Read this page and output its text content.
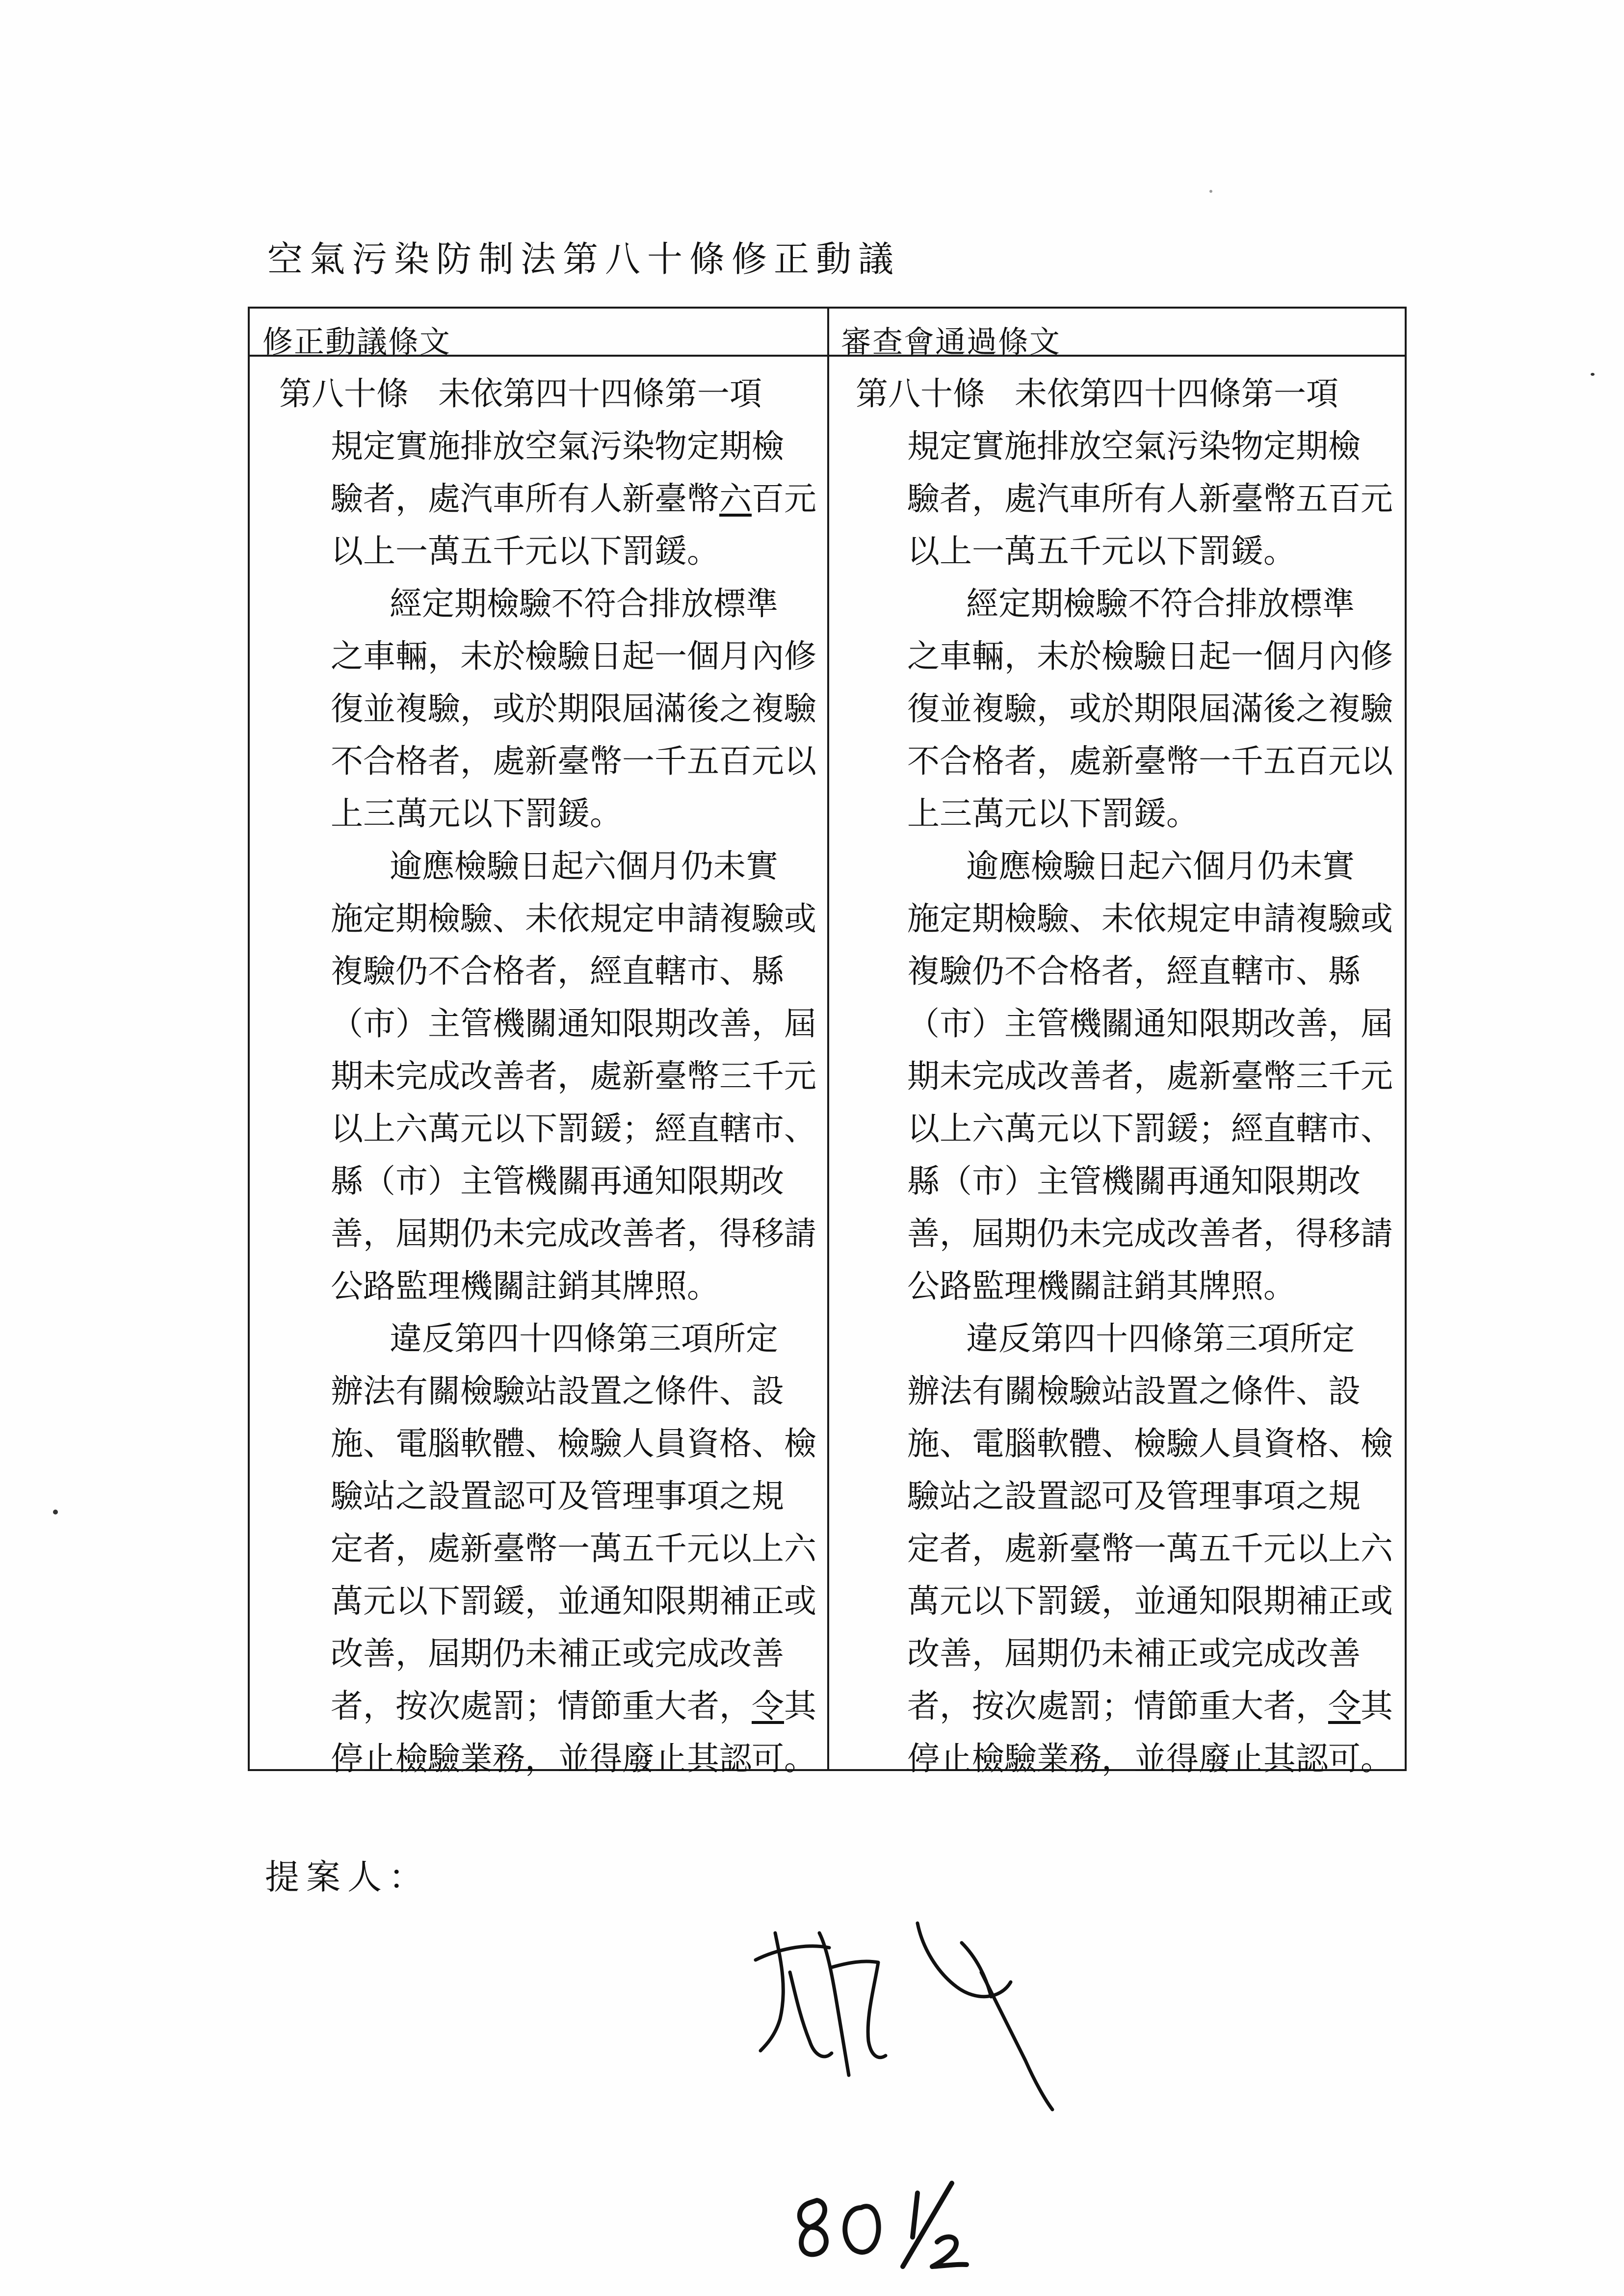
空氣污染防制法第八十條修正動議
修正動議條文	審查會通過條文
第八十條 未依第四十四條第一項
規定實施排放空氣污染物定期檢
驗者，處汽車所有人新臺幣六百元
以上一萬五千元以下罰鍰。
經定期檢驗不符合排放標準
之車輛，未於檢驗日起一個月內修
復並複驗，或於期限屆滿後之複驗
不合格者，處新臺幣一千五百元以
上三萬元以下罰鍰。
逾應檢驗日起六個月仍未實
施定期檢驗、未依規定申請複驗或
複驗仍不合格者，經直轄市、縣
（市）主管機關通知限期改善，屆
期未完成改善者，處新臺幣三千元
以上六萬元以下罰鍰；經直轄市、
縣（市）主管機關再通知限期改
善，屆期仍未完成改善者，得移請
公路監理機關註銷其牌照。
違反第四十四條第三項所定
辦法有關檢驗站設置之條件、設
施、電腦軟體、檢驗人員資格、檢
驗站之設置認可及管理事項之規
定者，處新臺幣一萬五千元以上六
萬元以下罰鍰，並通知限期補正或
改善，屆期仍未補正或完成改善
者，按次處罰；情節重大者，令其
停止檢驗業務，並得廢止其認可。
第八十條 未依第四十四條第一項
規定實施排放空氣污染物定期檢
驗者，處汽車所有人新臺幣五百元
以上一萬五千元以下罰鍰。
經定期檢驗不符合排放標準
之車輛，未於檢驗日起一個月內修
復並複驗，或於期限屆滿後之複驗
不合格者，處新臺幣一千五百元以
上三萬元以下罰鍰。
逾應檢驗日起六個月仍未實
施定期檢驗、未依規定申請複驗或
複驗仍不合格者，經直轄市、縣
（市）主管機關通知限期改善，屆
期未完成改善者，處新臺幣三千元
以上六萬元以下罰鍰；經直轄市、
縣（市）主管機關再通知限期改
善，屆期仍未完成改善者，得移請
公路監理機關註銷其牌照。
違反第四十四條第三項所定
辦法有關檢驗站設置之條件、設
施、電腦軟體、檢驗人員資格、檢
驗站之設置認可及管理事項之規
定者，處新臺幣一萬五千元以上六
萬元以下罰鍰，並通知限期補正或
改善，屆期仍未補正或完成改善
者，按次處罰；情節重大者，令其
停止檢驗業務，並得廢止其認可。
提案人：
